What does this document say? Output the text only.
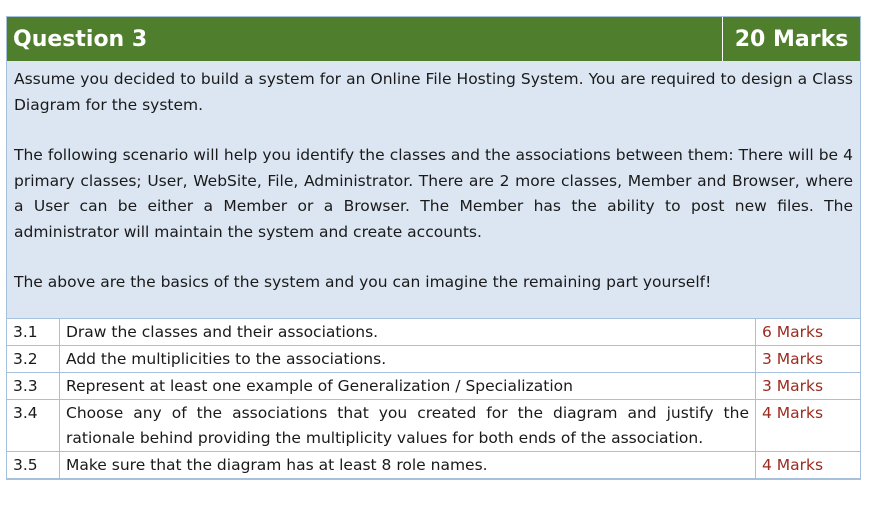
Question 3	20 Marks

Assume you decided to build a system for an Online File Hosting System. You are required to design a Class Diagram for the system.

The following scenario will help you identify the classes and the associations between them: There will be 4 primary classes; User, WebSite, File, Administrator. There are 2 more classes, Member and Browser, where a User can be either a Member or a Browser. The Member has the ability to post new files. The administrator will maintain the system and create accounts.

The above are the basics of the system and you can imagine the remaining part yourself!

3.1	Draw the classes and their associations.	6 Marks
3.2	Add the multiplicities to the associations.	3 Marks
3.3	Represent at least one example of Generalization / Specialization	3 Marks
3.4	Choose any of the associations that you created for the diagram and justify the rationale behind providing the multiplicity values for both ends of the association.	4 Marks
3.5	Make sure that the diagram has at least 8 role names.	4 Marks
